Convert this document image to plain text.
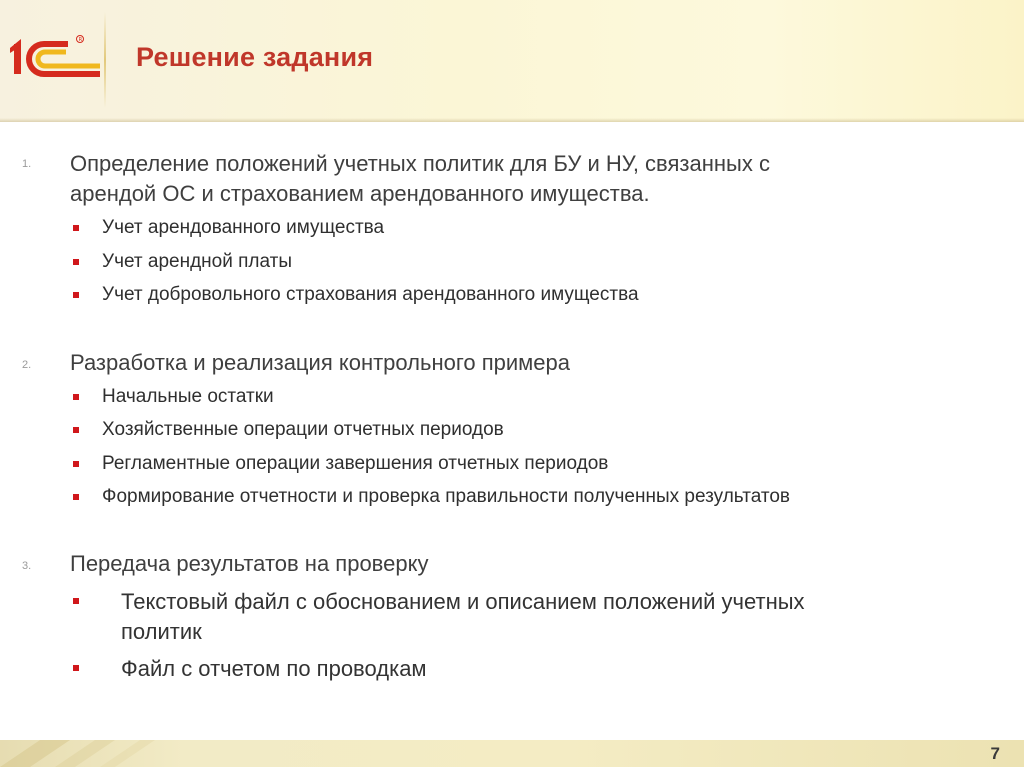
R
Решение задания
1. Определение положений учетных политик для БУ и НУ, связанных с
арендой ОС и страхованием арендованного имущества.
Учет арендованного имущества
Учет арендной платы
Учет добровольного страхования арендованного имущества
2. Разработка и реализация контрольного примера
Начальные остатки
Хозяйственные операции отчетных периодов
Регламентные операции завершения отчетных периодов
Формирование отчетности и проверка правильности полученных результатов
3. Передача результатов на проверку
Текстовый файл с обоснованием и описанием положений учетных
политик
Файл с отчетом по проводкам
7
